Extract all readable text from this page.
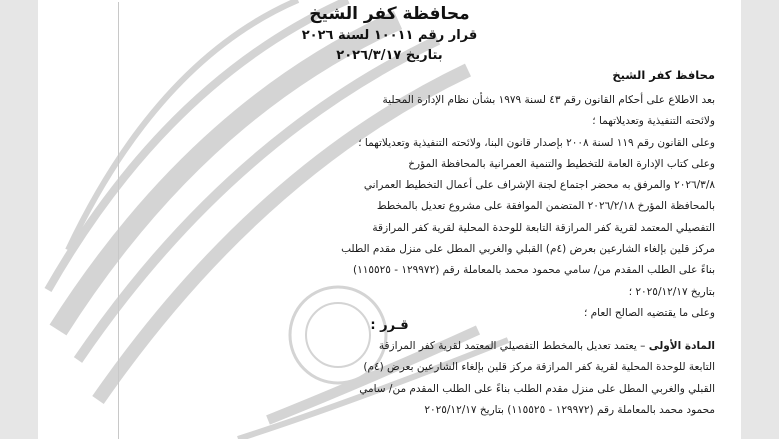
محافظة كفر الشيخ
قرار رقم ١٠٠١١ لسنة ٢٠٢٦
بتاريخ ٢٠٢٦/٣/١٧
محافظ كفر الشيخ
بعد الاطلاع على أحكام القانون رقم ٤٣ لسنة ١٩٧٩ بشأن نظام الإدارة المحلية
ولائحته التنفيذية وتعديلاتهما ؛
وعلى القانون رقم ١١٩ لسنة ٢٠٠٨ بإصدار قانون البنا، ولائحته التنفيذية وتعديلاتهما ؛
وعلى كتاب الإدارة العامة للتخطيط والتنمية العمرانية بالمحافظة المؤرخ
٢٠٢٦/٣/٨ والمرفق به محضر اجتماع لجنة الإشراف على أعمال التخطيط العمراني
بالمحافظة المؤرخ ٢٠٢٦/٢/١٨ المتضمن الموافقة على مشروع تعديل بالمخطط
التفصيلي المعتمد لقرية كفر المرازقة التابعة للوحدة المحلية لقرية كفر المرازقة
مركز قلين بإلغاء الشارعين بعرض (٤م) القبلي والغربي المطل على منزل مقدم الطلب
بناءً على الطلب المقدم من/ سامي محمود محمد بالمعاملة رقم (١٢٩٩٧٢ - ١١٥٥٢٥)
بتاريخ ٢٠٢٥/١٢/١٧ ؛
وعلى ما يقتضيه الصالح العام ؛
قـرر :
المادة الأولى – يعتمد تعديل بالمخطط التفصيلي المعتمد لقرية كفر المرازقة
التابعة للوحدة المحلية لقرية كفر المرازقة مركز قلين بإلغاء الشارعين بعرض (٤م)
القبلي والغربي المطل على منزل مقدم الطلب بناءً على الطلب المقدم من/ سامي
محمود محمد بالمعاملة رقم (١٢٩٩٧٢ - ١١٥٥٢٥) بتاريخ ٢٠٢٥/١٢/١٧
